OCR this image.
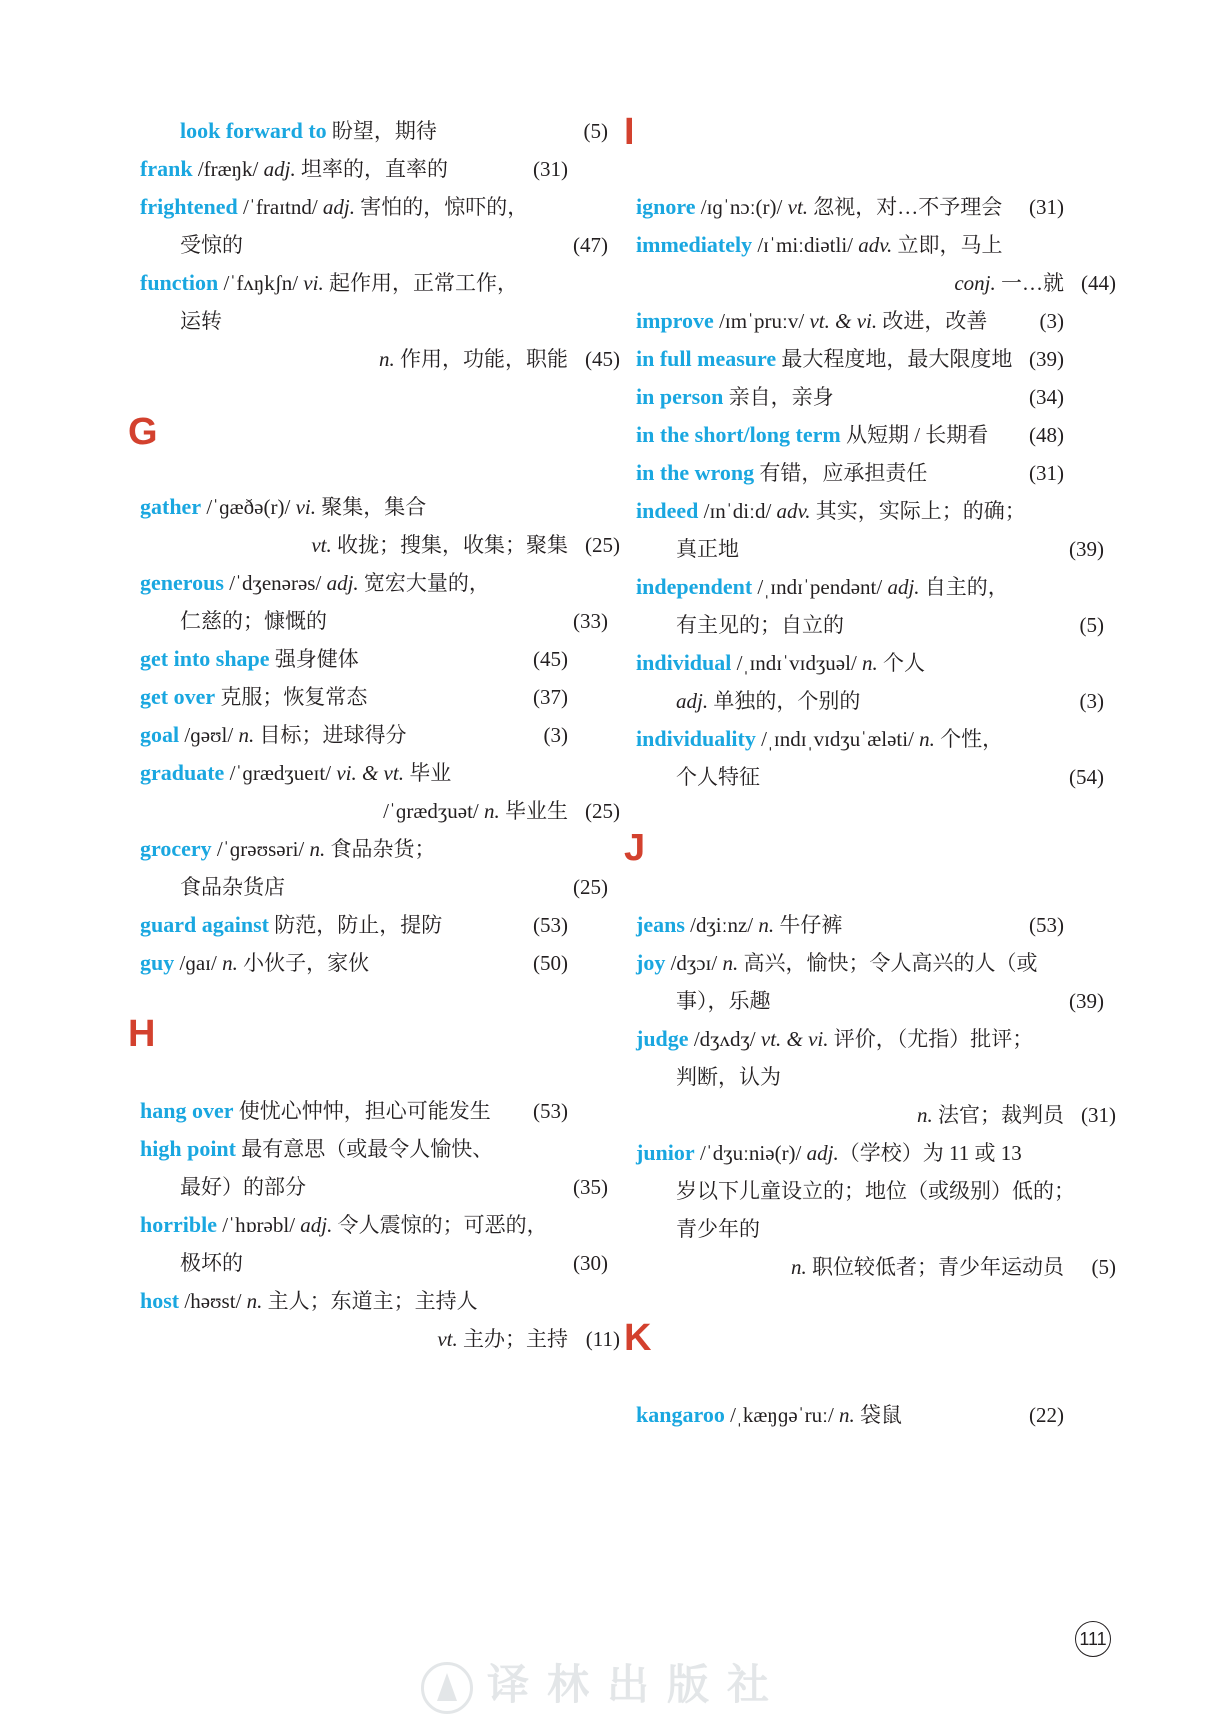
look forward to 盼望，期待	(5)
frank /fræŋk/ adj. 坦率的，直率的	(31)
frightened /ˈfraɪtnd/ adj. 害怕的，惊吓的，
受惊的	(47)
function /ˈfʌŋkʃn/ vi. 起作用，正常工作，
运转
n. 作用，功能，职能 (45)
G
gather /ˈɡæðə(r)/ vi. 聚集，集合
vt. 收拢；搜集，收集；聚集 (25)
generous /ˈdʒenərəs/ adj. 宽宏大量的，
仁慈的；慷慨的	(33)
get into shape 强身健体	(45)
get over 克服；恢复常态	(37)
goal /ɡəʊl/ n. 目标；进球得分	(3)
graduate /ˈɡrædʒueɪt/ vi. & vt. 毕业
/ˈɡrædʒuət/ n. 毕业生 (25)
grocery /ˈɡrəʊsəri/ n. 食品杂货；
食品杂货店	(25)
guard against 防范，防止，提防	(53)
guy /ɡaɪ/ n. 小伙子，家伙	(50)
H
hang over 使忧心忡忡，担心可能发生 (53)
high point 最有意思（或最令人愉快、
最好）的部分	(35)
horrible /ˈhɒrəbl/ adj. 令人震惊的；可恶的，
极坏的	(30)
host /həʊst/ n. 主人；东道主；主持人
vt. 主办；主持 (11)
I
ignore /ɪɡˈnɔː(r)/ vt. 忽视，对…不予理会 (31)
immediately /ɪˈmiːdiətli/ adv. 立即，马上
conj. 一…就 (44)
improve /ɪmˈpruːv/ vt. & vi. 改进，改善 (3)
in full measure 最大程度地，最大限度地 (39)
in person 亲自，亲身	(34)
in the short/long term 从短期 / 长期看 (48)
in the wrong 有错，应承担责任	(31)
indeed /ɪnˈdiːd/ adv. 其实，实际上；的确；
真正地	(39)
independent /ˌɪndɪˈpendənt/ adj. 自主的，
有主见的；自立的	(5)
individual /ˌɪndɪˈvɪdʒuəl/ n. 个人
adj. 单独的，个别的	(3)
individuality /ˌɪndɪˌvɪdʒuˈæləti/ n. 个性，
个人特征	(54)
J
jeans /dʒiːnz/ n. 牛仔裤	(53)
joy /dʒɔɪ/ n. 高兴，愉快；令人高兴的人（或
事），乐趣	(39)
judge /dʒʌdʒ/ vt. & vi. 评价，（尤指）批评；
判断，认为
n. 法官；裁判员 (31)
junior /ˈdʒuːniə(r)/ adj.（学校）为 11 或 13
岁以下儿童设立的；地位（或级别）低的；
青少年的
n. 职位较低者；青少年运动员 (5)
K
kangaroo /ˌkæŋɡəˈruː/ n. 袋鼠	(22)
111
译林出版社
